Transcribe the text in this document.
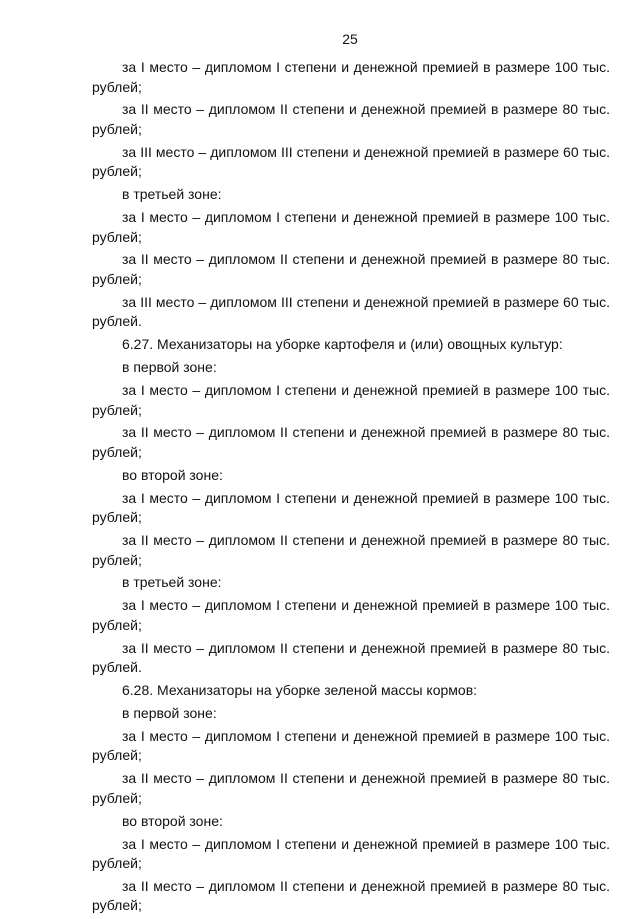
25

за I место – дипломом I степени и денежной премией в размере 100 тыс. рублей;

за II место – дипломом II степени и денежной премией в размере 80 тыс. рублей;

за III место – дипломом III степени и денежной премией в размере 60 тыс. рублей;

в третьей зоне:

за I место – дипломом I степени и денежной премией в размере 100 тыс. рублей;

за II место – дипломом II степени и денежной премией в размере 80 тыс. рублей;

за III место – дипломом III степени и денежной премией в размере 60 тыс. рублей.

6.27. Механизаторы на уборке картофеля и (или) овощных культур:

в первой зоне:

за I место – дипломом I степени и денежной премией в размере 100 тыс. рублей;

за II место – дипломом II степени и денежной премией в размере 80 тыс. рублей;

во второй зоне:

за I место – дипломом I степени и денежной премией в размере 100 тыс. рублей;

за II место – дипломом II степени и денежной премией в размере 80 тыс. рублей;

в третьей зоне:

за I место – дипломом I степени и денежной премией в размере 100 тыс. рублей;

за II место – дипломом II степени и денежной премией в размере 80 тыс. рублей.

6.28. Механизаторы на уборке зеленой массы кормов:

в первой зоне:

за I место – дипломом I степени и денежной премией в размере 100 тыс. рублей;

за II место – дипломом II степени и денежной премией в размере 80 тыс. рублей;

во второй зоне:

за I место – дипломом I степени и денежной премией в размере 100 тыс. рублей;

за II место – дипломом II степени и денежной премией в размере 80 тыс. рублей;
